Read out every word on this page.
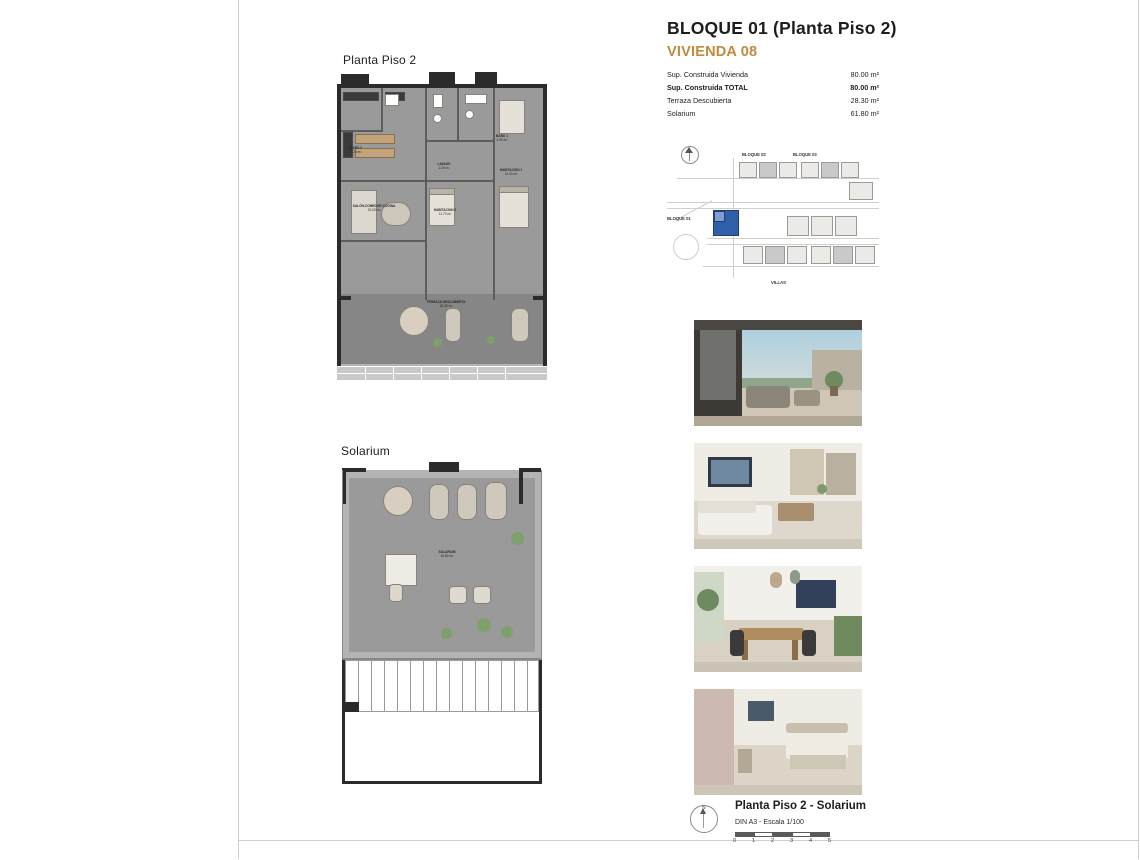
Planta Piso 2
LAVADO
2.20 m²
BAÑO 2
3.20 m²
BAÑO 1
4.00 m²
HABITACION 1
14.00 m²
HABITACION 2
11.70 m²
SALÓN-COMEDOR-COCINA
32.00 m²
TERRAZA DESCUBIERTA
28.30 m²
Solarium
SOLARIUM
61.80 m²
BLOQUE 01 (Planta Piso 2)
VIVIENDA 08
Sup. Construida Vivienda	80.00 m²
Sup. Construida TOTAL	80.00 m²
Terraza Descubierta	28.30 m²
Solarium	61.80 m²
BLOQUE 02	BLOQUE 03
BLOQUE 01
VILLAS
N	Planta Piso 2 - Solarium
DIN A3 - Escala 1/100
0	1	2	3	4	5
